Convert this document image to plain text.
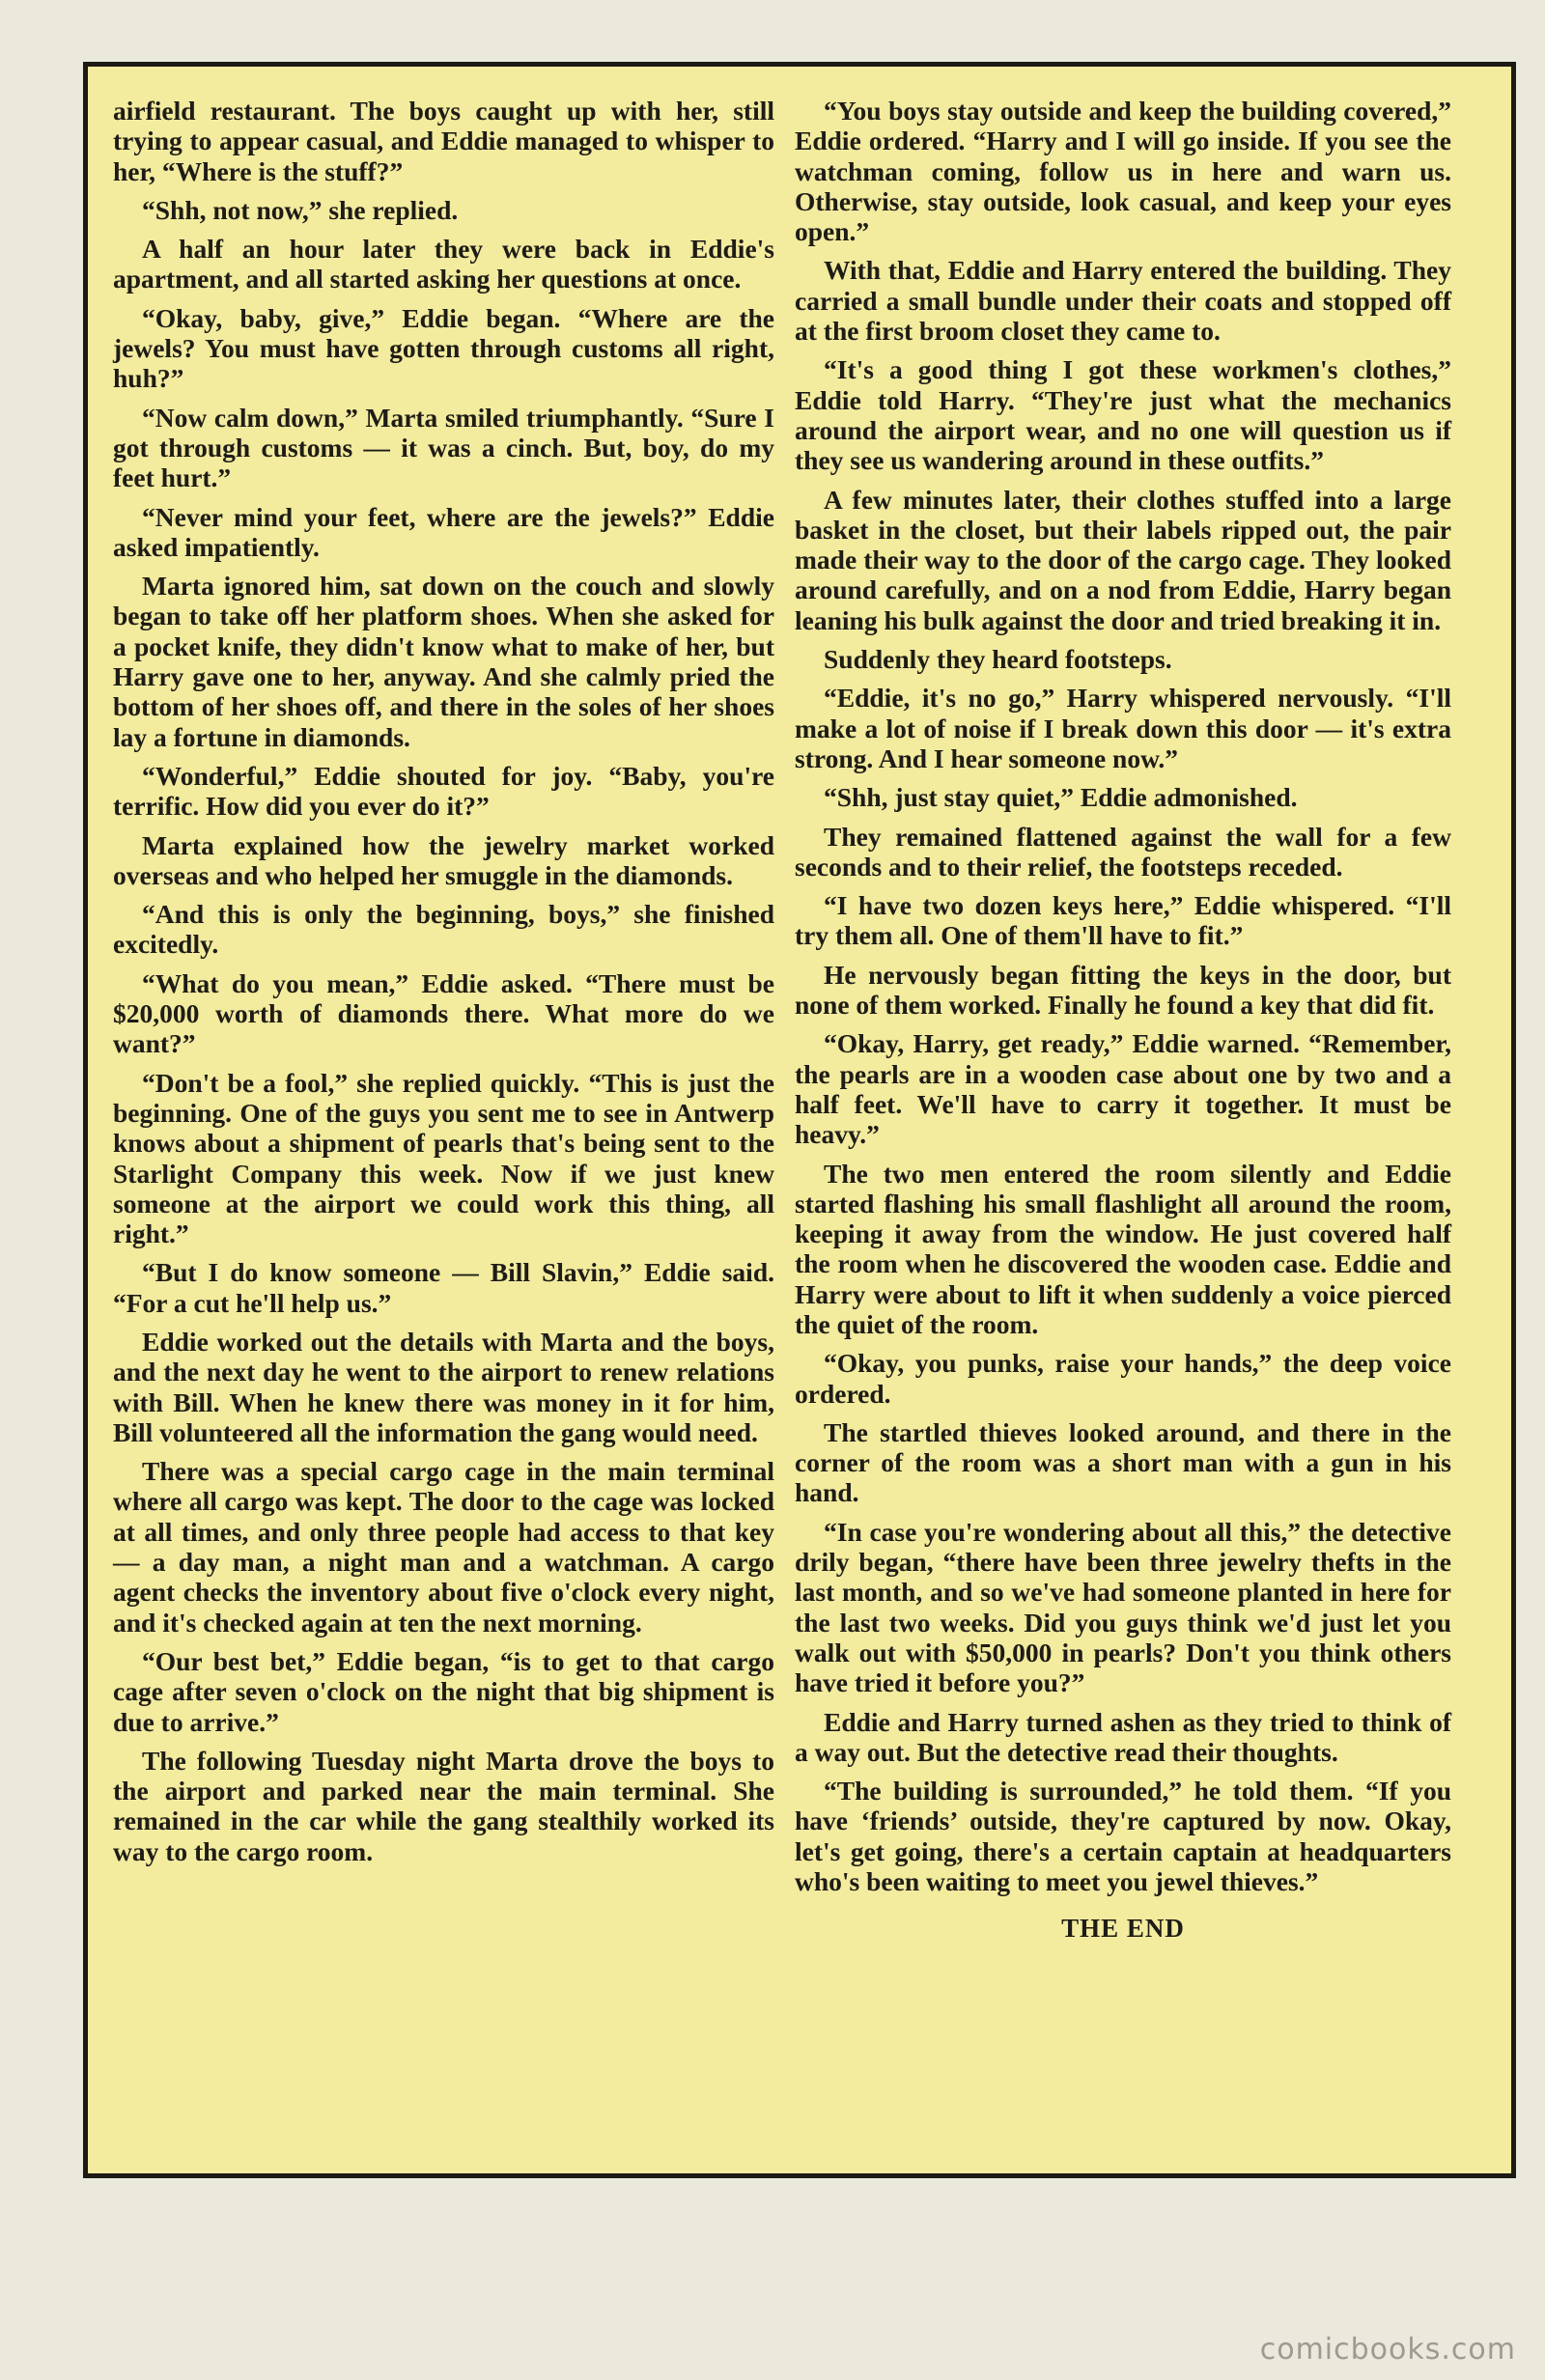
airfield restaurant. The boys caught up with her, still trying to appear casual, and Eddie managed to whisper to her, “Where is the stuff?”

“Shh, not now,” she replied.

A half an hour later they were back in Eddie's apartment, and all started asking her questions at once.

“Okay, baby, give,” Eddie began. “Where are the jewels? You must have gotten through customs all right, huh?”

“Now calm down,” Marta smiled triumphantly. “Sure I got through customs — it was a cinch. But, boy, do my feet hurt.”

“Never mind your feet, where are the jewels?” Eddie asked impatiently.

Marta ignored him, sat down on the couch and slowly began to take off her platform shoes. When she asked for a pocket knife, they didn't know what to make of her, but Harry gave one to her, anyway. And she calmly pried the bottom of her shoes off, and there in the soles of her shoes lay a fortune in diamonds.

“Wonderful,” Eddie shouted for joy. “Baby, you're terrific. How did you ever do it?”

Marta explained how the jewelry market worked overseas and who helped her smuggle in the diamonds.

“And this is only the beginning, boys,” she finished excitedly.

“What do you mean,” Eddie asked. “There must be $20,000 worth of diamonds there. What more do we want?”

“Don't be a fool,” she replied quickly. “This is just the beginning. One of the guys you sent me to see in Antwerp knows about a shipment of pearls that's being sent to the Starlight Company this week. Now if we just knew someone at the airport we could work this thing, all right.”

“But I do know someone — Bill Slavin,” Eddie said. “For a cut he'll help us.”

Eddie worked out the details with Marta and the boys, and the next day he went to the airport to renew relations with Bill. When he knew there was money in it for him, Bill volunteered all the information the gang would need.

There was a special cargo cage in the main terminal where all cargo was kept. The door to the cage was locked at all times, and only three people had access to that key — a day man, a night man and a watchman. A cargo agent checks the inventory about five o'clock every night, and it's checked again at ten the next morning.

“Our best bet,” Eddie began, “is to get to that cargo cage after seven o'clock on the night that big shipment is due to arrive.”

The following Tuesday night Marta drove the boys to the airport and parked near the main terminal. She remained in the car while the gang stealthily worked its way to the cargo room.

“You boys stay outside and keep the building covered,” Eddie ordered. “Harry and I will go inside. If you see the watchman coming, follow us in here and warn us. Otherwise, stay outside, look casual, and keep your eyes open.”

With that, Eddie and Harry entered the building. They carried a small bundle under their coats and stopped off at the first broom closet they came to.

“It's a good thing I got these workmen's clothes,” Eddie told Harry. “They're just what the mechanics around the airport wear, and no one will question us if they see us wandering around in these outfits.”

A few minutes later, their clothes stuffed into a large basket in the closet, but their labels ripped out, the pair made their way to the door of the cargo cage. They looked around carefully, and on a nod from Eddie, Harry began leaning his bulk against the door and tried breaking it in.

Suddenly they heard footsteps.

“Eddie, it's no go,” Harry whispered nervously. “I'll make a lot of noise if I break down this door — it's extra strong. And I hear someone now.”

“Shh, just stay quiet,” Eddie admonished.

They remained flattened against the wall for a few seconds and to their relief, the footsteps receded.

“I have two dozen keys here,” Eddie whispered. “I'll try them all. One of them'll have to fit.”

He nervously began fitting the keys in the door, but none of them worked. Finally he found a key that did fit.

“Okay, Harry, get ready,” Eddie warned. “Remember, the pearls are in a wooden case about one by two and a half feet. We'll have to carry it together. It must be heavy.”

The two men entered the room silently and Eddie started flashing his small flashlight all around the room, keeping it away from the window. He just covered half the room when he discovered the wooden case. Eddie and Harry were about to lift it when suddenly a voice pierced the quiet of the room.

“Okay, you punks, raise your hands,” the deep voice ordered.

The startled thieves looked around, and there in the corner of the room was a short man with a gun in his hand.

“In case you're wondering about all this,” the detective drily began, “there have been three jewelry thefts in the last month, and so we've had someone planted in here for the last two weeks. Did you guys think we'd just let you walk out with $50,000 in pearls? Don't you think others have tried it before you?”

Eddie and Harry turned ashen as they tried to think of a way out. But the detective read their thoughts.

“The building is surrounded,” he told them. “If you have ‘friends’ outside, they're captured by now. Okay, let's get going, there's a certain captain at headquarters who's been waiting to meet you jewel thieves.”

THE END
comicbooks.com
